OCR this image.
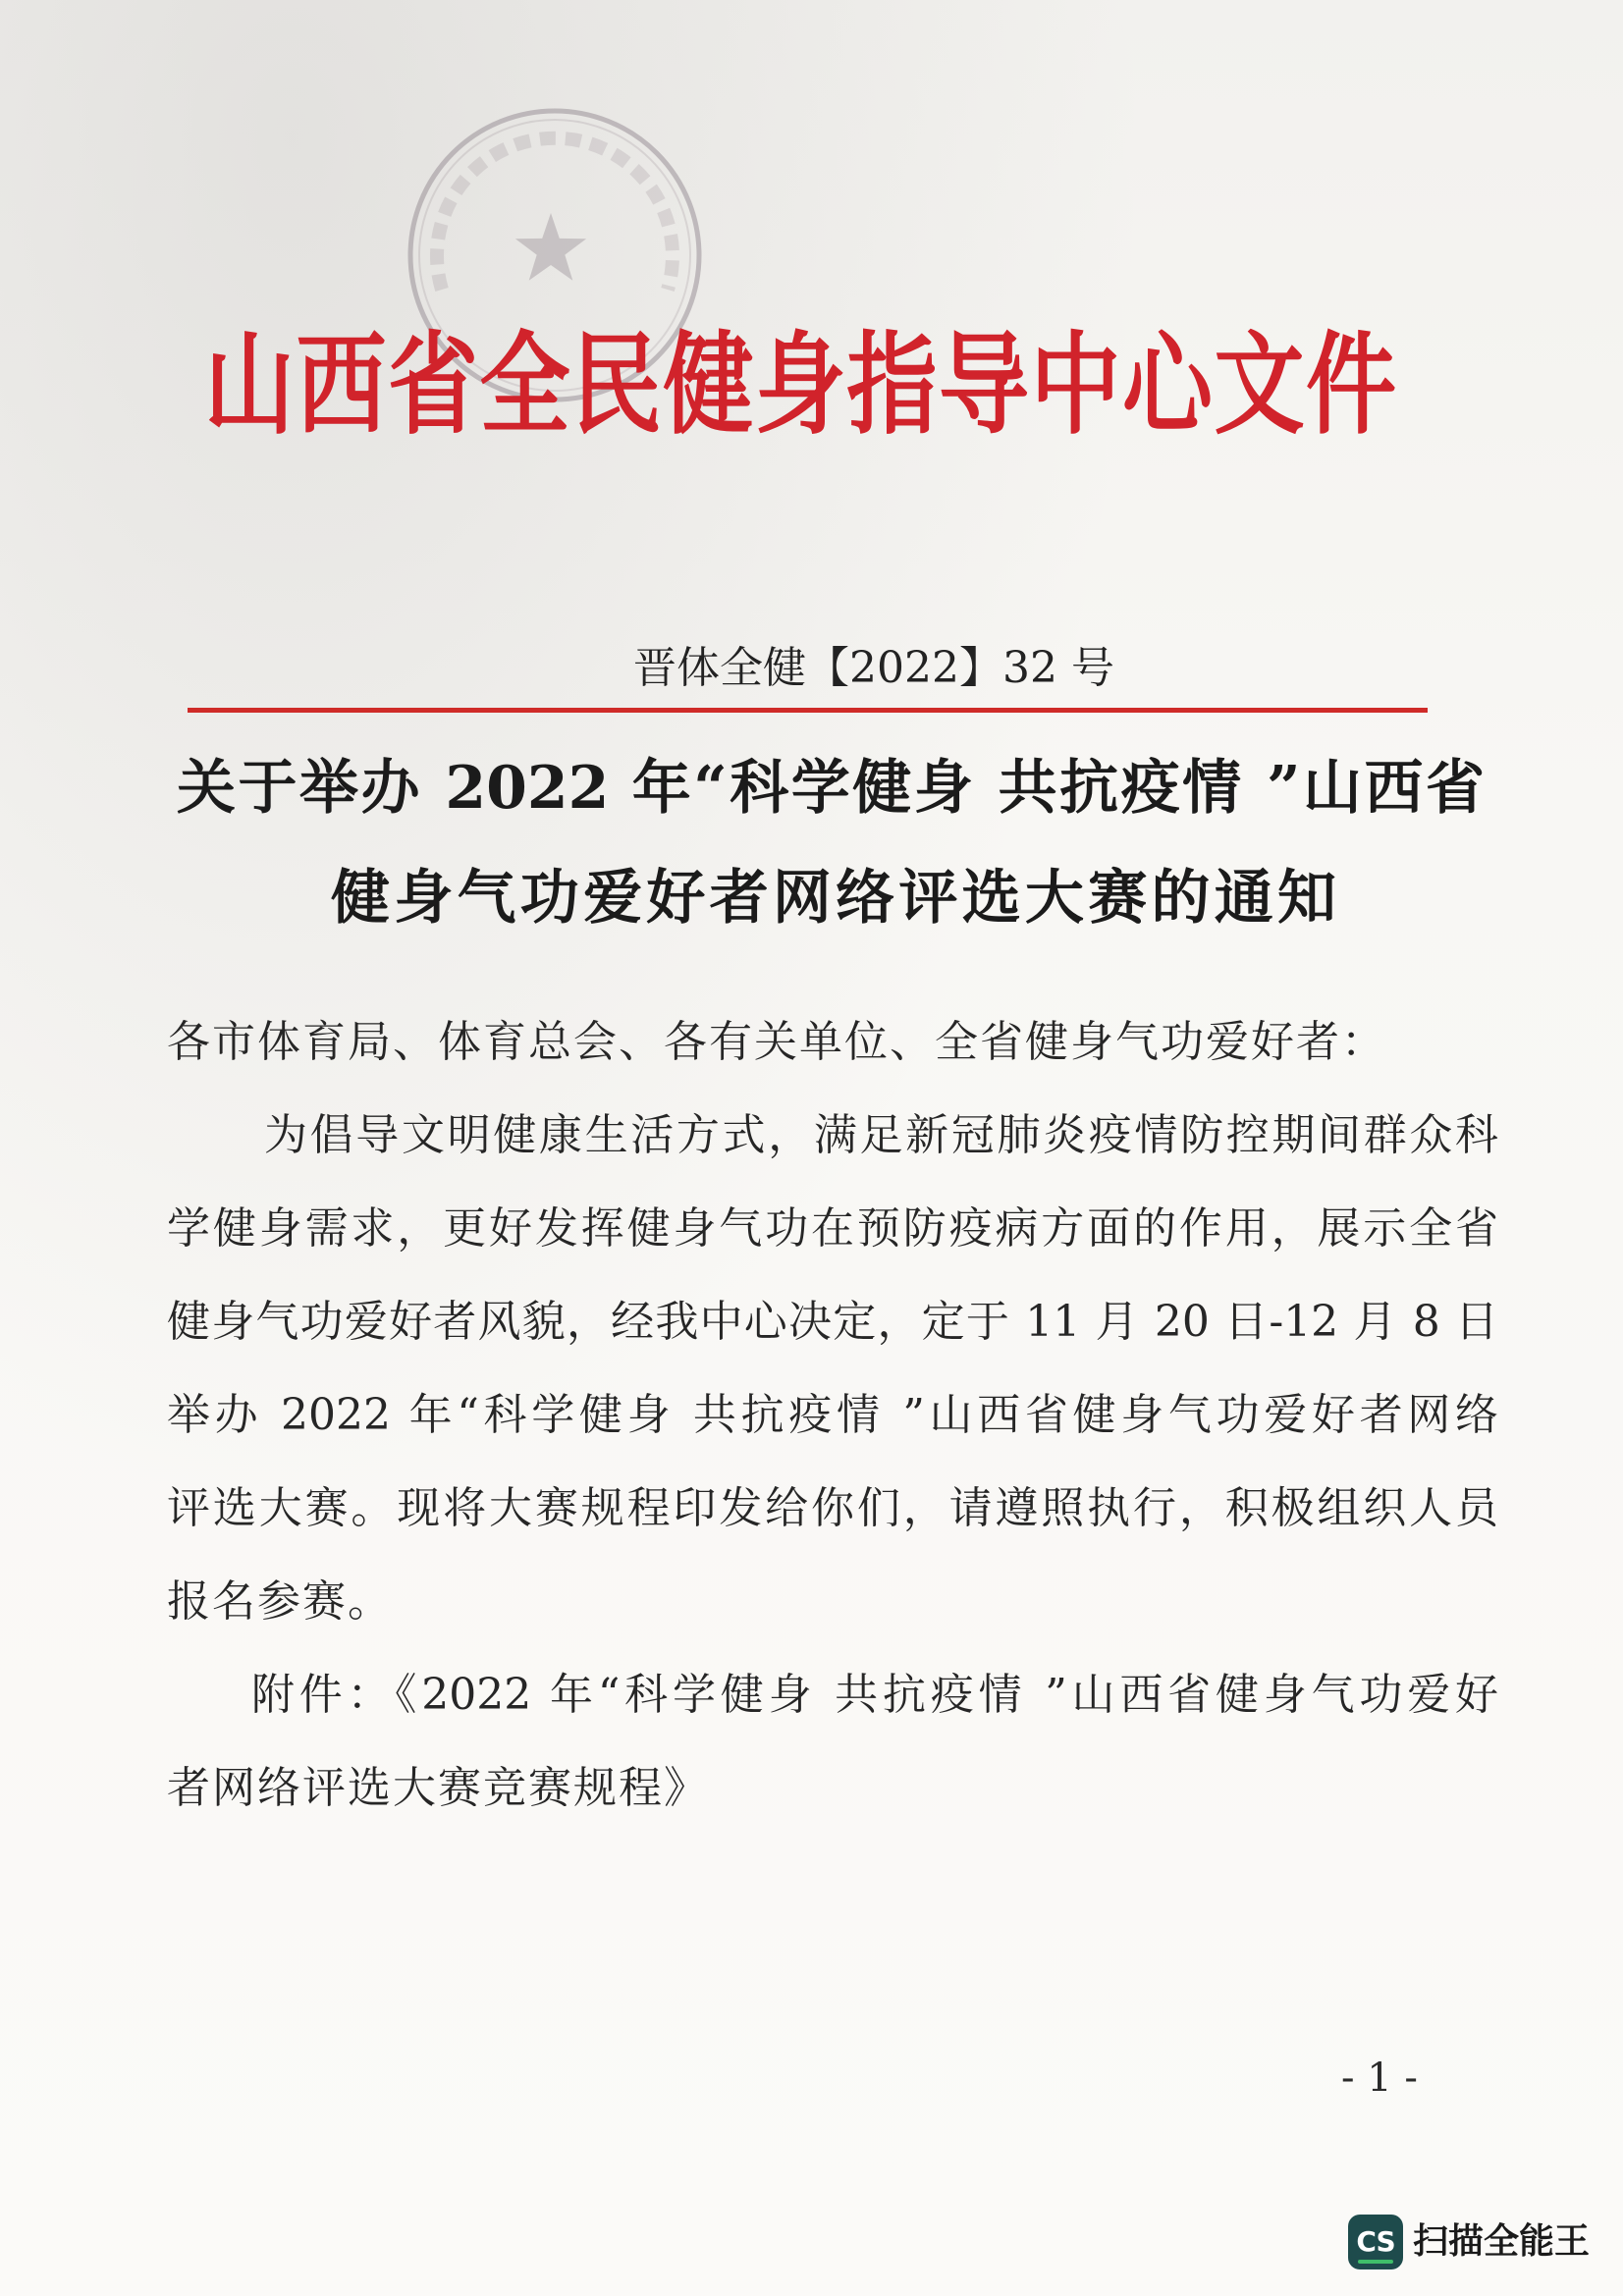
山西省全民健身指导中心文件
晋体全健【2022】32 号
关于举办 2022 年“科学健身 共抗疫情 ”山西省
健身气功爱好者网络评选大赛的通知
各市体育局、体育总会、各有关单位、全省健身气功爱好者：
为倡导文明健康生活方式，满足新冠肺炎疫情防控期间群众科
学健身需求，更好发挥健身气功在预防疫病方面的作用，展示全省
健身气功爱好者风貌，经我中心决定，定于 11 月 20 日-12 月 8 日
举办 2022 年“科学健身 共抗疫情 ”山西省健身气功爱好者网络
评选大赛。现将大赛规程印发给你们，请遵照执行，积极组织人员
报名参赛。
附件：《2022 年“科学健身 共抗疫情 ”山西省健身气功爱好
者网络评选大赛竞赛规程》
- 1 -
CS 扫描全能王
